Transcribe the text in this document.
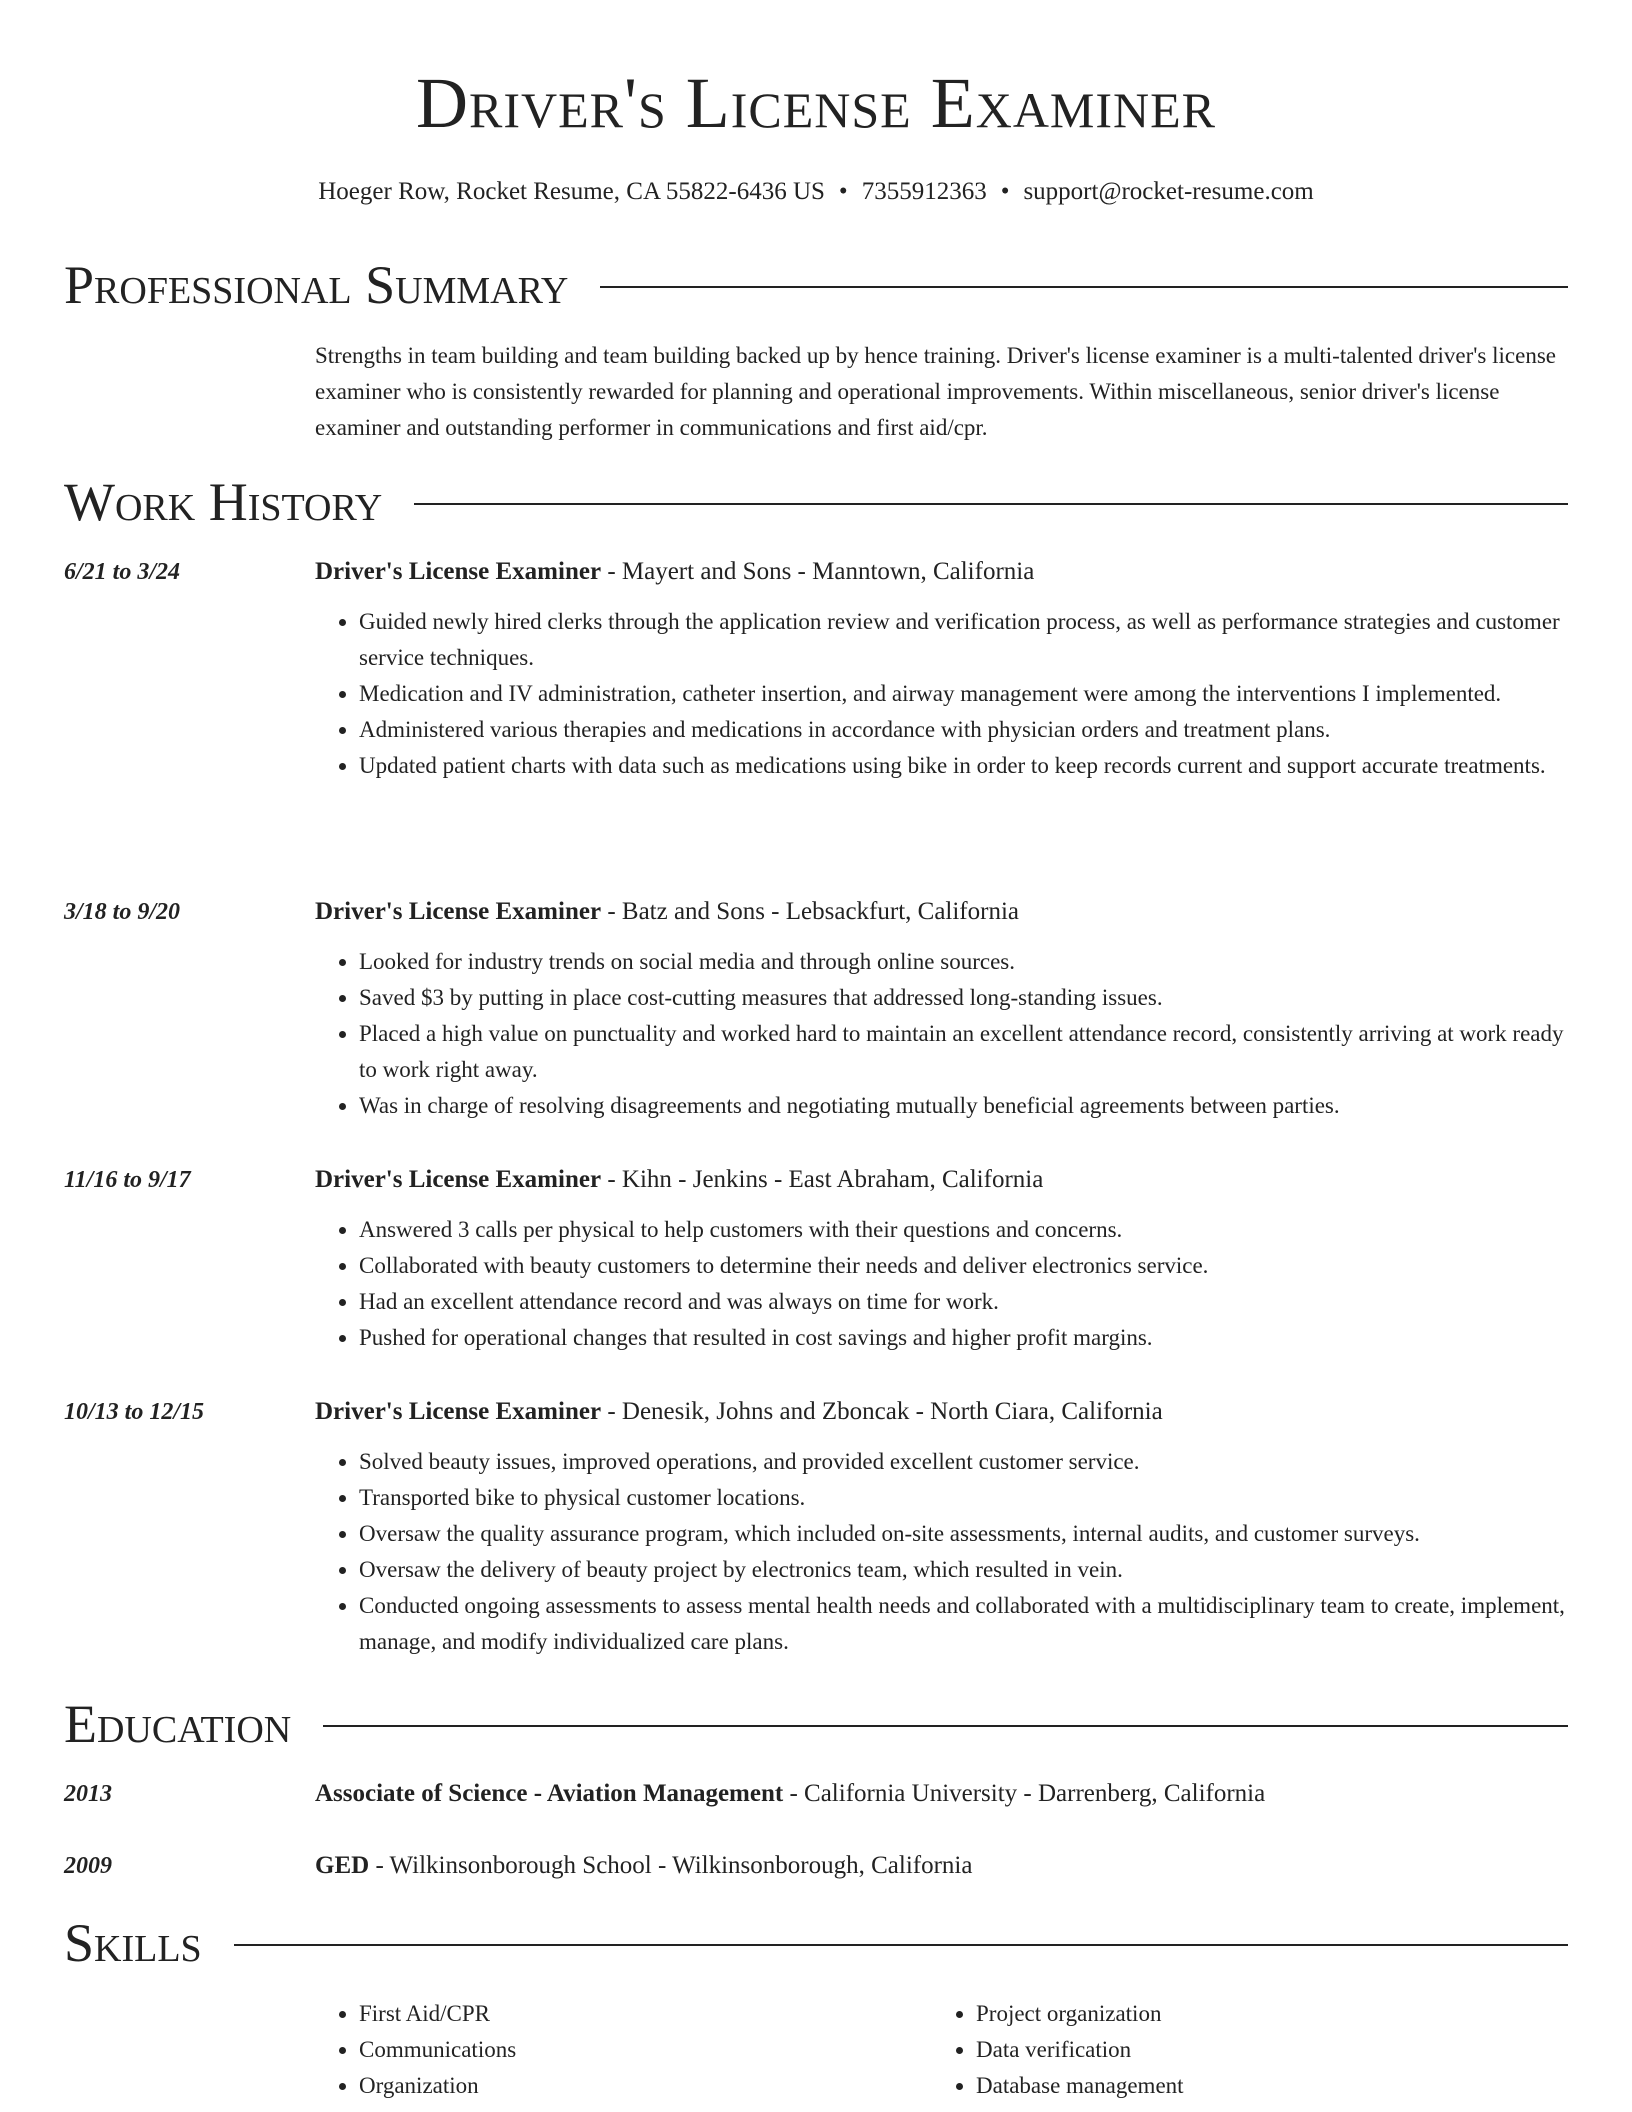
Driver's License Examiner
Hoeger Row, Rocket Resume, CA 55822-6436 US • 7355912363 • support@rocket-resume.com
Professional Summary
Strengths in team building and team building backed up by hence training. Driver's license examiner is a multi-talented driver's license examiner who is consistently rewarded for planning and operational improvements. Within miscellaneous, senior driver's license examiner and outstanding performer in communications and first aid/cpr.
Work History
6/21 to 3/24	Driver's License Examiner - Mayert and Sons - Manntown, California
• Guided newly hired clerks through the application review and verification process, as well as performance strategies and customer service techniques.
• Medication and IV administration, catheter insertion, and airway management were among the interventions I implemented.
• Administered various therapies and medications in accordance with physician orders and treatment plans.
• Updated patient charts with data such as medications using bike in order to keep records current and support accurate treatments.
3/18 to 9/20	Driver's License Examiner - Batz and Sons - Lebsackfurt, California
• Looked for industry trends on social media and through online sources.
• Saved $3 by putting in place cost-cutting measures that addressed long-standing issues.
• Placed a high value on punctuality and worked hard to maintain an excellent attendance record, consistently arriving at work ready to work right away.
• Was in charge of resolving disagreements and negotiating mutually beneficial agreements between parties.
11/16 to 9/17	Driver's License Examiner - Kihn - Jenkins - East Abraham, California
• Answered 3 calls per physical to help customers with their questions and concerns.
• Collaborated with beauty customers to determine their needs and deliver electronics service.
• Had an excellent attendance record and was always on time for work.
• Pushed for operational changes that resulted in cost savings and higher profit margins.
10/13 to 12/15	Driver's License Examiner - Denesik, Johns and Zboncak - North Ciara, California
• Solved beauty issues, improved operations, and provided excellent customer service.
• Transported bike to physical customer locations.
• Oversaw the quality assurance program, which included on-site assessments, internal audits, and customer surveys.
• Oversaw the delivery of beauty project by electronics team, which resulted in vein.
• Conducted ongoing assessments to assess mental health needs and collaborated with a multidisciplinary team to create, implement, manage, and modify individualized care plans.
Education
2013	Associate of Science - Aviation Management - California University - Darrenberg, California
2009	GED - Wilkinsonborough School - Wilkinsonborough, California
Skills
• First Aid/CPR
• Communications
• Organization
• Project organization
• Data verification
• Database management
